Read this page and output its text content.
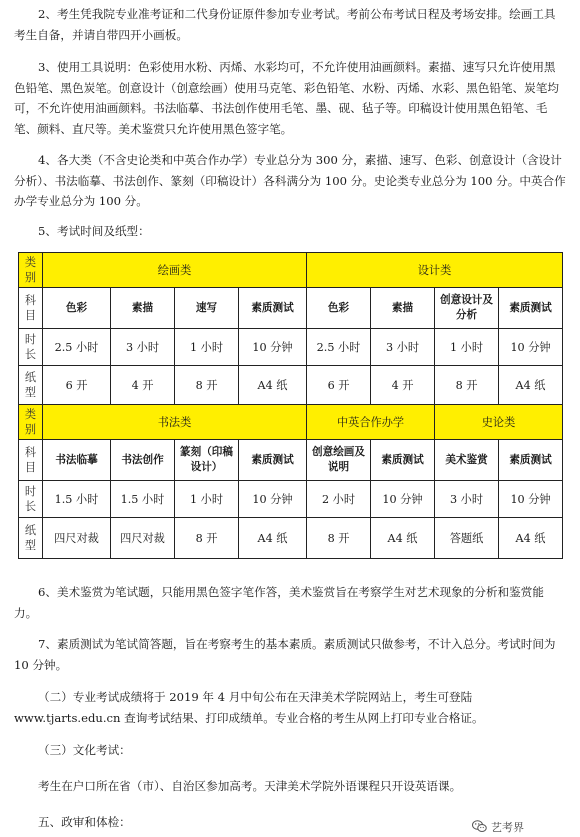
2、考生凭我院专业准考证和二代身份证原件参加专业考试。考前公布考试日程及考场安排。绘画工具考生自备，并请自带四开小画板。

3、使用工具说明：色彩使用水粉、丙烯、水彩均可，不允许使用油画颜料。素描、速写只允许使用黑色铅笔、黑色炭笔。创意设计（创意绘画）使用马克笔、彩色铅笔、水粉、丙烯、水彩、黑色铅笔、炭笔均可，不允许使用油画颜料。书法临摹、书法创作使用毛笔、墨、砚、毡子等。印稿设计使用黑色铅笔、毛笔、颜料、直尺等。美术鉴赏只允许使用黑色签字笔。

4、各大类（不含史论类和中英合作办学）专业总分为 300 分，素描、速写、色彩、创意设计（含设计分析）、书法临摹、书法创作、篆刻（印稿设计）各科满分为 100 分。史论类专业总分为 100 分。中英合作办学专业总分为 100 分。

5、考试时间及纸型：

类别	绘画类				设计类			
科目	色彩	素描	速写	素质测试	色彩	素描	创意设计及分析	素质测试
时长	2.5 小时	3 小时	1 小时	10 分钟	2.5 小时	3 小时	1 小时	10 分钟
纸型	6 开	4 开	8 开	A4 纸	6 开	4 开	8 开	A4 纸
类别	书法类				中英合作办学		史论类	
科目	书法临摹	书法创作	篆刻（印稿设计）	素质测试	创意绘画及说明	素质测试	美术鉴赏	素质测试
时长	1.5 小时	1.5 小时	1 小时	10 分钟	2 小时	10 分钟	3 小时	10 分钟
纸型	四尺对裁	四尺对裁	8 开	A4 纸	8 开	A4 纸	答题纸	A4 纸

6、美术鉴赏为笔试题，只能用黑色签字笔作答，美术鉴赏旨在考察学生对艺术现象的分析和鉴赏能力。

7、素质测试为笔试简答题，旨在考察考生的基本素质。素质测试只做参考，不计入总分。考试时间为 10 分钟。

（二）专业考试成绩将于 2019 年 4 月中旬公布在天津美术学院网站上，考生可登陆 www.tjarts.edu.cn 查询考试结果、打印成绩单。专业合格的考生从网上打印专业合格证。

（三）文化考试：

考生在户口所在省（市）、自治区参加高考。天津美术学院外语课程只开设英语课。

五、政审和体检：	艺考界
